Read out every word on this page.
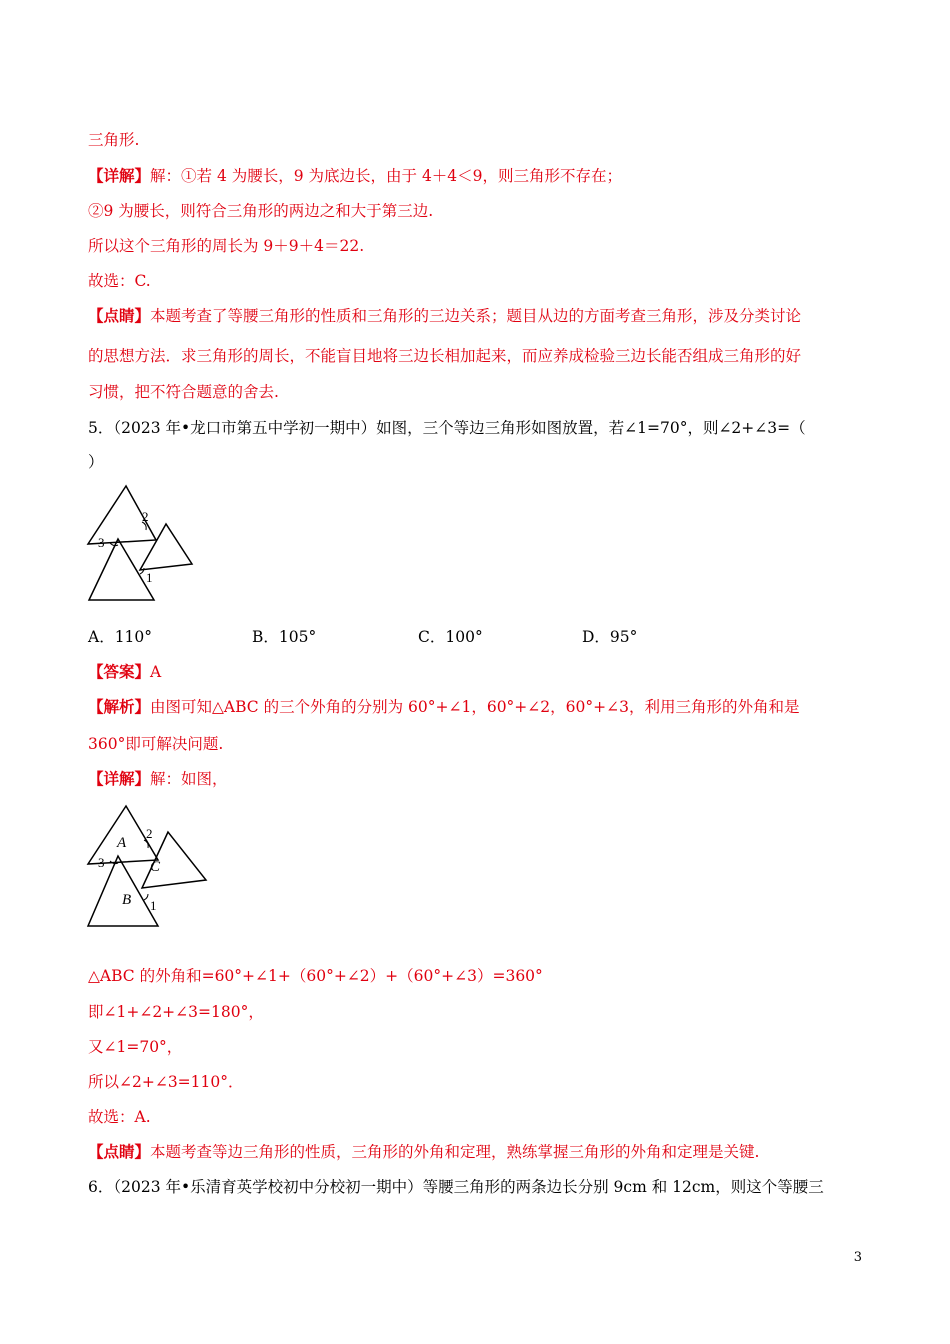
三角形.
【详解】解：①若 4 为腰长，9 为底边长，由于 4＋4＜9，则三角形不存在；
②9 为腰长，则符合三角形的两边之和大于第三边.
所以这个三角形的周长为 9＋9＋4＝22.
故选：C.
【点睛】本题考查了等腰三角形的性质和三角形的三边关系；题目从边的方面考查三角形，涉及分类讨论
的思想方法．求三角形的周长，不能盲目地将三边长相加起来，而应养成检验三边长能否组成三角形的好
习惯，把不符合题意的舍去.
5．（2023 年•龙口市第五中学初一期中）如图，三个等边三角形如图放置，若∠1=70°，则∠2+∠3=（
）
2
1
3
A．110°	B．105°	C．100°	D．95°
【答案】A
【解析】由图可知△ABC 的三个外角的分别为 60°+∠1，60°+∠2，60°+∠3，利用三角形的外角和是
360°即可解决问题.
【详解】解：如图，
A
B
C
2
1
3
△ABC 的外角和=60°+∠1+（60°+∠2）+（60°+∠3）=360°
即∠1+∠2+∠3=180°，
又∠1=70°，
所以∠2+∠3=110°．
故选：A.
【点睛】本题考查等边三角形的性质，三角形的外角和定理，熟练掌握三角形的外角和定理是关键.
6．（2023 年•乐清育英学校初中分校初一期中）等腰三角形的两条边长分别 9cm 和 12cm，则这个等腰三
3
